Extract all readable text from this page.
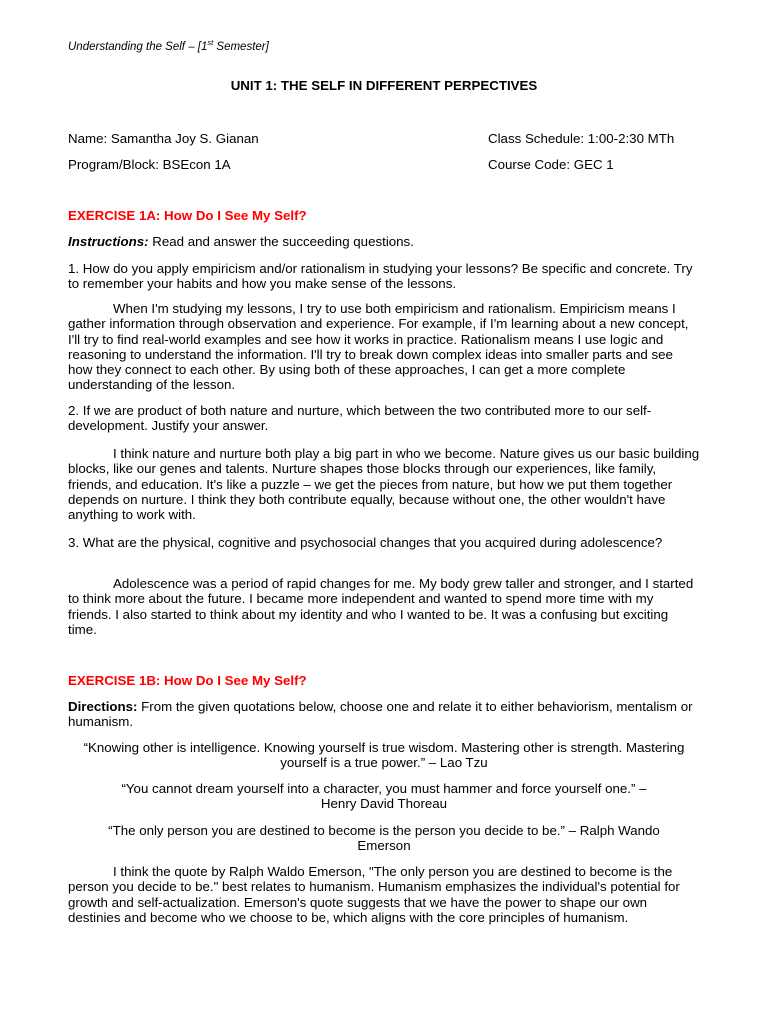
Understanding the Self – [1st Semester]
UNIT 1: THE SELF IN DIFFERENT PERPECTIVES
Name: Samantha Joy S. Gianan	Class Schedule: 1:00-2:30 MTh
Program/Block: BSEcon 1A	Course Code: GEC 1
EXERCISE 1A: How Do I See My Self?
Instructions: Read and answer the succeeding questions.
1. How do you apply empiricism and/or rationalism in studying your lessons? Be specific and concrete. Try to remember your habits and how you make sense of the lessons.
When I'm studying my lessons, I try to use both empiricism and rationalism. Empiricism means I gather information through observation and experience. For example, if I'm learning about a new concept, I'll try to find real-world examples and see how it works in practice. Rationalism means I use logic and reasoning to understand the information. I'll try to break down complex ideas into smaller parts and see how they connect to each other. By using both of these approaches, I can get a more complete understanding of the lesson.
2. If we are product of both nature and nurture, which between the two contributed more to our self-development. Justify your answer.
I think nature and nurture both play a big part in who we become. Nature gives us our basic building blocks, like our genes and talents. Nurture shapes those blocks through our experiences, like family, friends, and education. It's like a puzzle – we get the pieces from nature, but how we put them together depends on nurture. I think they both contribute equally, because without one, the other wouldn't have anything to work with.
3. What are the physical, cognitive and psychosocial changes that you acquired during adolescence?
Adolescence was a period of rapid changes for me. My body grew taller and stronger, and I started to think more about the future. I became more independent and wanted to spend more time with my friends. I also started to think about my identity and who I wanted to be. It was a confusing but exciting time.
EXERCISE 1B: How Do I See My Self?
Directions: From the given quotations below, choose one and relate it to either behaviorism, mentalism or humanism.
“Knowing other is intelligence. Knowing yourself is true wisdom. Mastering other is strength. Mastering yourself is a true power.” – Lao Tzu
“You cannot dream yourself into a character, you must hammer and force yourself one.” –
Henry David Thoreau
“The only person you are destined to become is the person you decide to be.” – Ralph Wando
Emerson
I think the quote by Ralph Waldo Emerson, "The only person you are destined to become is the person you decide to be." best relates to humanism. Humanism emphasizes the individual's potential for growth and self-actualization. Emerson's quote suggests that we have the power to shape our own destinies and become who we choose to be, which aligns with the core principles of humanism.
